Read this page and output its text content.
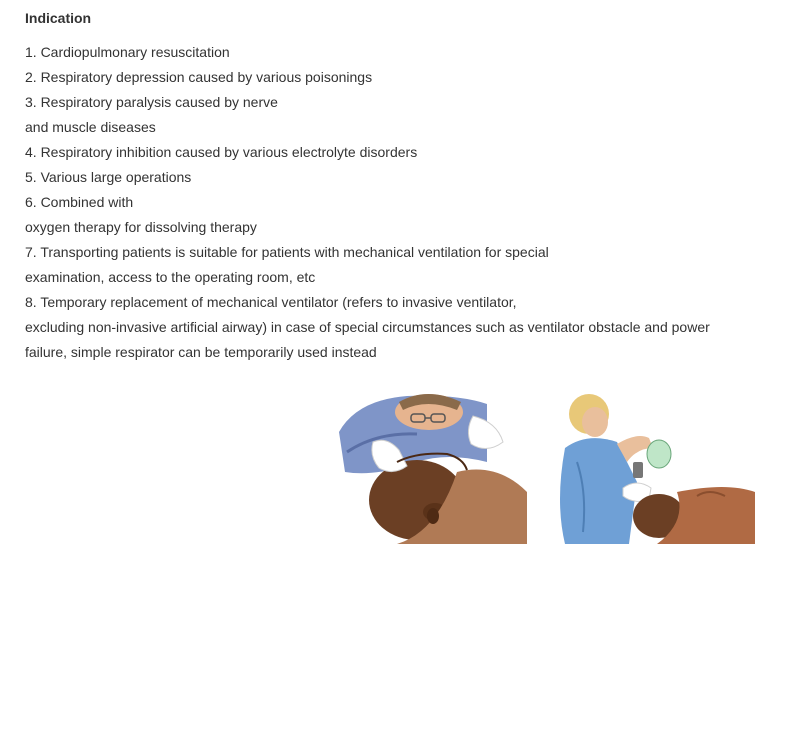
Indication
1. Cardiopulmonary resuscitation
2. Respiratory depression caused by various poisonings
3. Respiratory paralysis caused by nerve
and muscle diseases
4. Respiratory inhibition caused by various electrolyte disorders
5. Various large operations
6. Combined with
oxygen therapy for dissolving therapy
7. Transporting patients is suitable for patients with mechanical ventilation for special
examination, access to the operating room, etc
8. Temporary replacement of mechanical ventilator (refers to invasive ventilator,
excluding non-invasive artificial airway) in case of special circumstances such as ventilator obstacle and power
failure, simple respirator can be temporarily used instead
